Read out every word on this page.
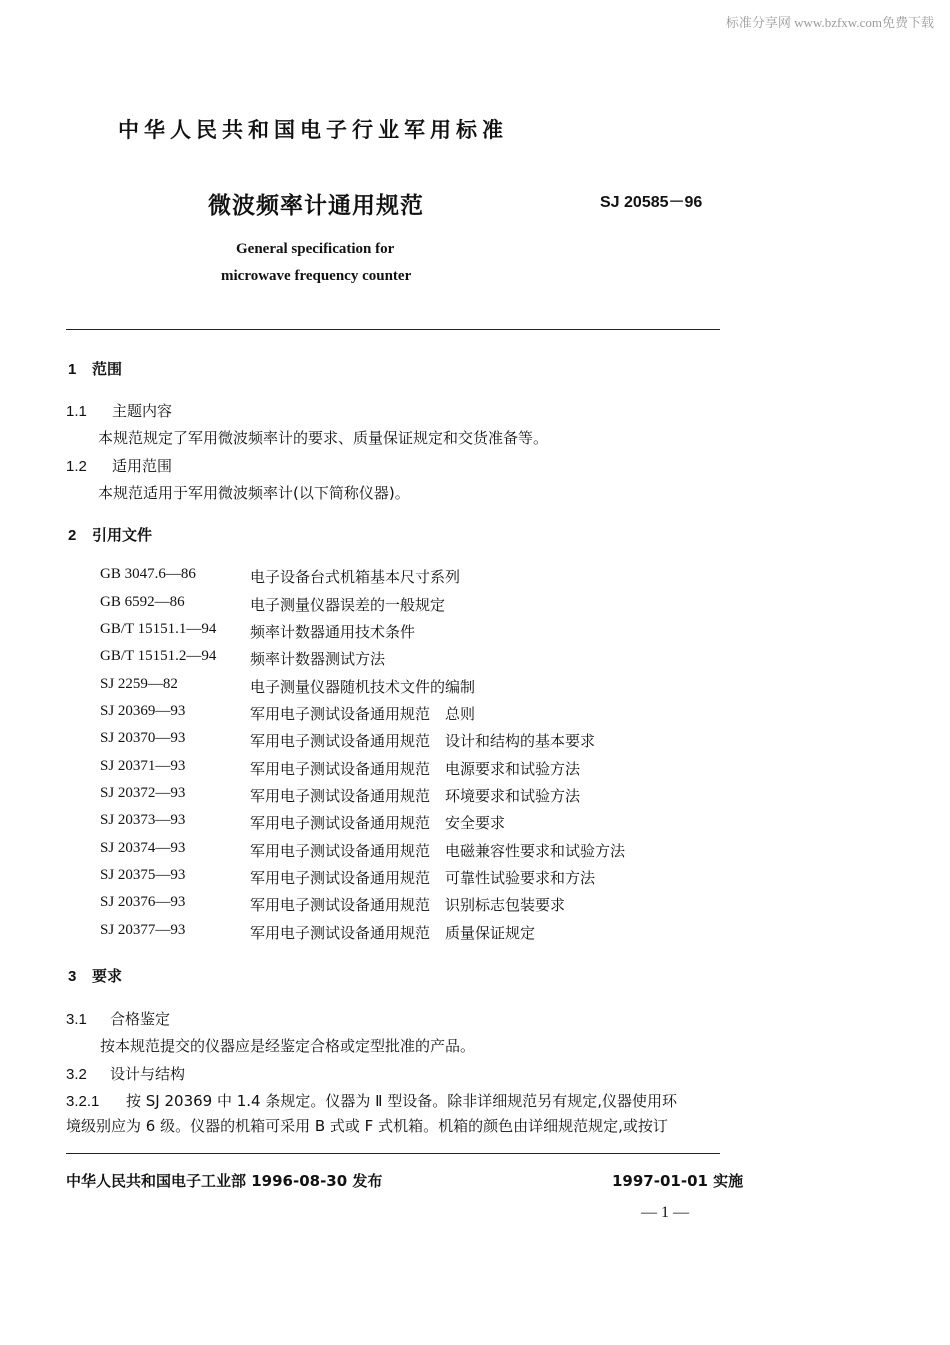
标准分享网 www.bzfxw.com免费下载
中华人民共和国电子行业军用标准
微波频率计通用规范	SJ 20585－96
General specification for
microwave frequency counter
1 范围
1.1 主题内容
本规范规定了军用微波频率计的要求、质量保证规定和交货准备等。
1.2 适用范围
本规范适用于军用微波频率计(以下简称仪器)。
2 引用文件
GB 3047.6—86	电子设备台式机箱基本尺寸系列
GB 6592—86	电子测量仪器误差的一般规定
GB/T 15151.1—94 频率计数器通用技术条件
GB/T 15151.2—94 频率计数器测试方法
SJ 2259—82	电子测量仪器随机技术文件的编制
SJ 20369—93	军用电子测试设备通用规范　总则
SJ 20370—93	军用电子测试设备通用规范　设计和结构的基本要求
SJ 20371—93	军用电子测试设备通用规范　电源要求和试验方法
SJ 20372—93	军用电子测试设备通用规范　环境要求和试验方法
SJ 20373—93	军用电子测试设备通用规范　安全要求
SJ 20374—93	军用电子测试设备通用规范　电磁兼容性要求和试验方法
SJ 20375—93	军用电子测试设备通用规范　可靠性试验要求和方法
SJ 20376—93	军用电子测试设备通用规范　识别标志包装要求
SJ 20377—93	军用电子测试设备通用规范　质量保证规定
3 要求
3.1 合格鉴定
按本规范提交的仪器应是经鉴定合格或定型批准的产品。
3.2 设计与结构
3.2.1 按 SJ 20369 中 1.4 条规定。仪器为 Ⅱ 型设备。除非详细规范另有规定,仪器使用环
境级别应为 6 级。仪器的机箱可采用 B 式或 F 式机箱。机箱的颜色由详细规范规定,或按订
中华人民共和国电子工业部 1996-08-30 发布	1997-01-01 实施
— 1 —
